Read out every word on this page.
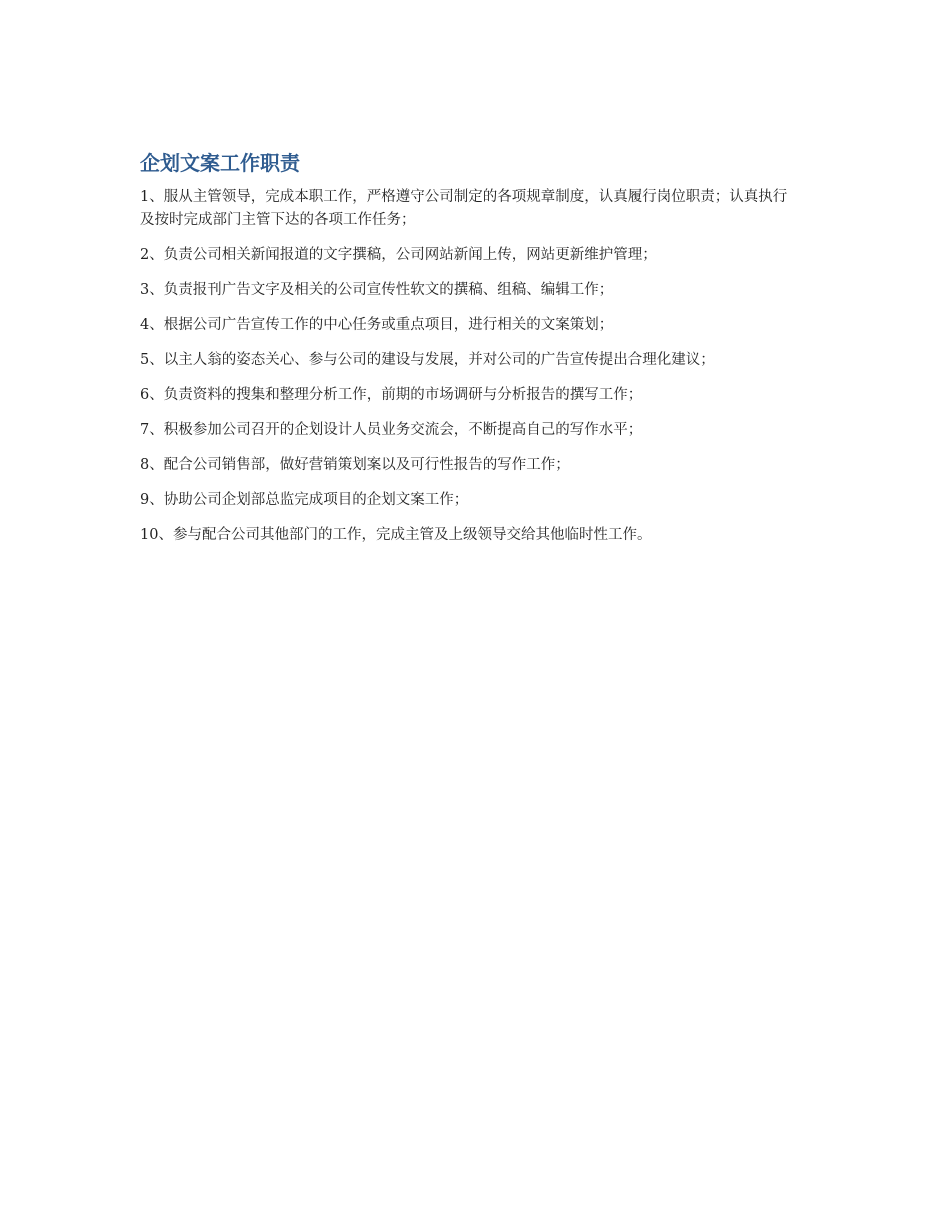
企划文案工作职责
1、服从主管领导，完成本职工作，严格遵守公司制定的各项规章制度，认真履行岗位职责；认真执行及按时完成部门主管下达的各项工作任务；
2、负责公司相关新闻报道的文字撰稿，公司网站新闻上传，网站更新维护管理；
3、负责报刊广告文字及相关的公司宣传性软文的撰稿、组稿、编辑工作；
4、根据公司广告宣传工作的中心任务或重点项目，进行相关的文案策划；
5、以主人翁的姿态关心、参与公司的建设与发展，并对公司的广告宣传提出合理化建议；
6、负责资料的搜集和整理分析工作，前期的市场调研与分析报告的撰写工作；
7、积极参加公司召开的企划设计人员业务交流会，不断提高自己的写作水平；
8、配合公司销售部，做好营销策划案以及可行性报告的写作工作；
9、协助公司企划部总监完成项目的企划文案工作；
10、参与配合公司其他部门的工作，完成主管及上级领导交给其他临时性工作。
